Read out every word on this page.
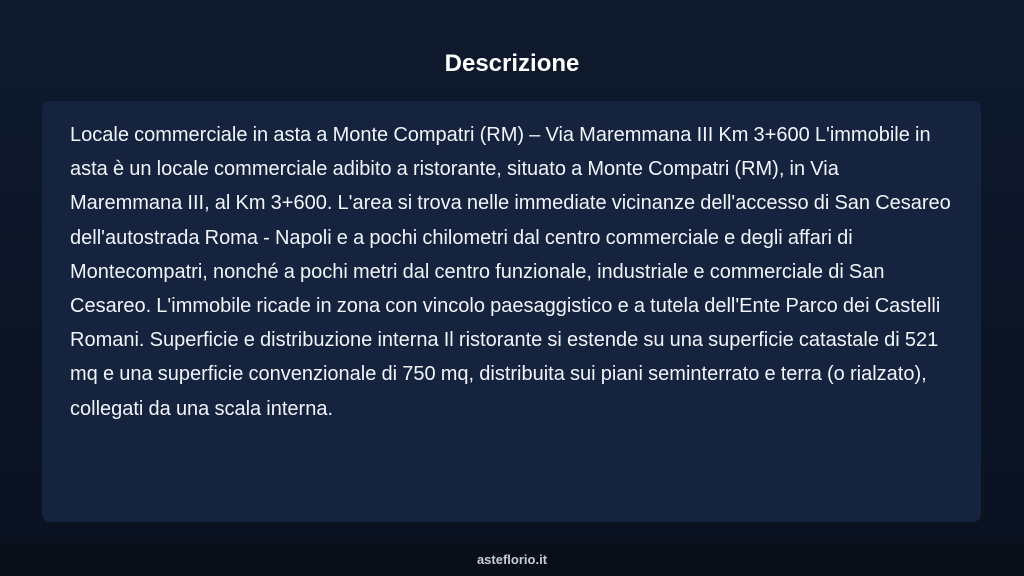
Descrizione

Locale commerciale in asta a Monte Compatri (RM) – Via Maremmana III Km 3+600 L'immobile in asta è un locale commerciale adibito a ristorante, situato a Monte Compatri (RM), in Via Maremmana III, al Km 3+600. L'area si trova nelle immediate vicinanze dell'accesso di San Cesareo dell'autostrada Roma - Napoli e a pochi chilometri dal centro commerciale e degli affari di Montecompatri, nonché a pochi metri dal centro funzionale, industriale e commerciale di San Cesareo. L'immobile ricade in zona con vincolo paesaggistico e a tutela dell'Ente Parco dei Castelli Romani. Superficie e distribuzione interna Il ristorante si estende su una superficie catastale di 521 mq e una superficie convenzionale di 750 mq, distribuita sui piani seminterrato e terra (o rialzato), collegati da una scala interna.

asteflorio.it
